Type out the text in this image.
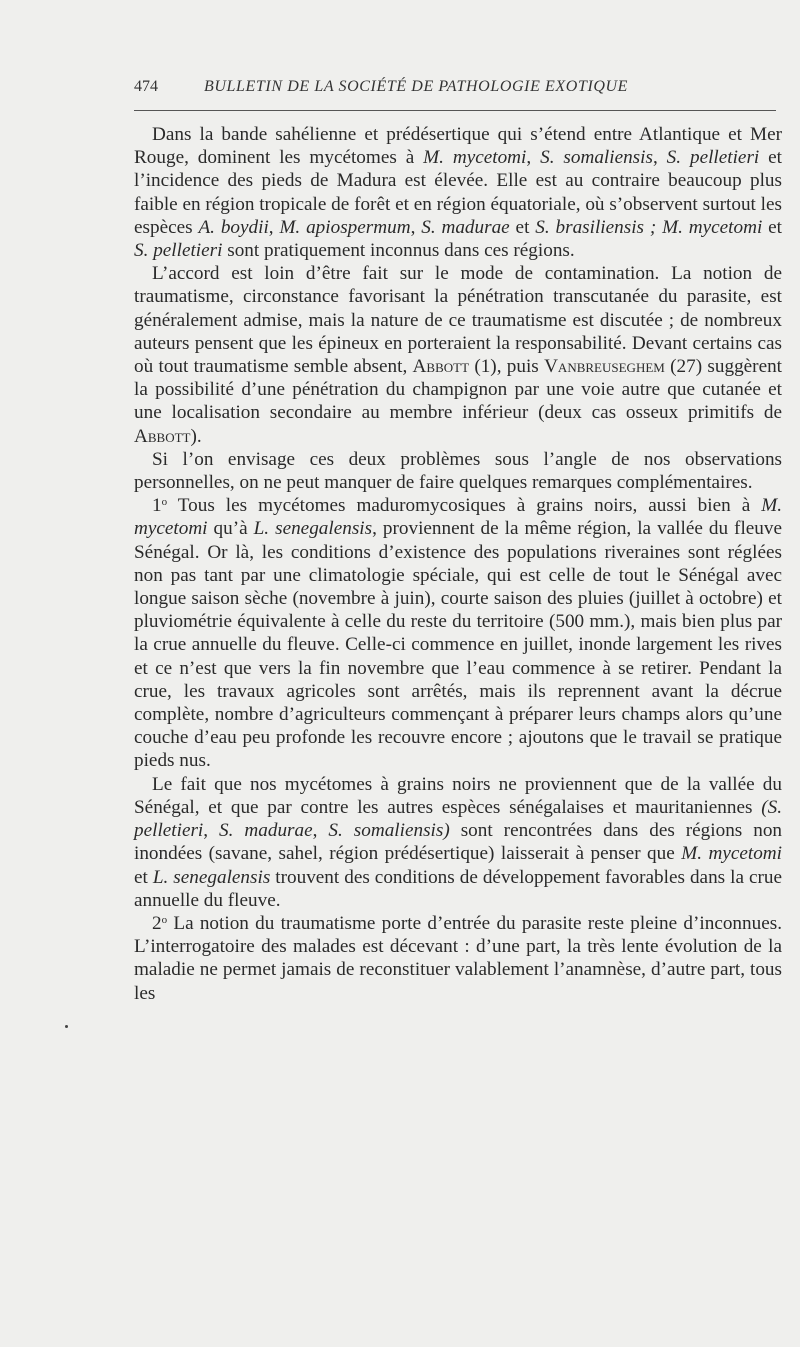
474	BULLETIN DE LA SOCIÉTÉ DE PATHOLOGIE EXOTIQUE

Dans la bande sahélienne et prédésertique qui s’étend entre Atlantique et Mer Rouge, dominent les mycétomes à M. mycetomi, S. somaliensis, S. pelletieri et l’incidence des pieds de Madura est élevée. Elle est au contraire beaucoup plus faible en région tropicale de forêt et en région équatoriale, où s’observent surtout les espèces A. boydii, M. apiospermum, S. madurae et S. brasiliensis ; M. mycetomi et S. pelletieri sont pratiquement inconnus dans ces régions.

L’accord est loin d’être fait sur le mode de contamination. La notion de traumatisme, circonstance favorisant la pénétration transcutanée du parasite, est généralement admise, mais la nature de ce traumatisme est discutée ; de nombreux auteurs pensent que les épineux en porteraient la responsabilité. Devant certains cas où tout traumatisme semble absent, Abbott (1), puis Vanbreuseghem (27) suggèrent la possibilité d’une pénétration du champignon par une voie autre que cutanée et une localisation secondaire au membre inférieur (deux cas osseux primitifs de Abbott).

Si l’on envisage ces deux problèmes sous l’angle de nos observations personnelles, on ne peut manquer de faire quelques remarques complémentaires.

1$^o$ Tous les mycétomes maduromycosiques à grains noirs, aussi bien à M. mycetomi qu’à L. senegalensis, proviennent de la même région, la vallée du fleuve Sénégal. Or là, les conditions d’existence des populations riveraines sont réglées non pas tant par une climatologie spéciale, qui est celle de tout le Sénégal avec longue saison sèche (novembre à juin), courte saison des pluies (juillet à octobre) et pluviométrie équivalente à celle du reste du territoire (500 mm.), mais bien plus par la crue annuelle du fleuve. Celle-ci commence en juillet, inonde largement les rives et ce n’est que vers la fin novembre que l’eau commence à se retirer. Pendant la crue, les travaux agricoles sont arrêtés, mais ils reprennent avant la décrue complète, nombre d’agriculteurs commençant à préparer leurs champs alors qu’une couche d’eau peu profonde les recouvre encore ; ajoutons que le travail se pratique pieds nus.

Le fait que nos mycétomes à grains noirs ne proviennent que de la vallée du Sénégal, et que par contre les autres espèces sénégalaises et mauritaniennes (S. pelletieri, S. madurae, S. somaliensis) sont rencontrées dans des régions non inondées (savane, sahel, région prédésertique) laisserait à penser que M. mycetomi et L. senegalensis trouvent des conditions de développement favorables dans la crue annuelle du fleuve.

2$^o$ La notion du traumatisme porte d’entrée du parasite reste pleine d’inconnues. L’interrogatoire des malades est décevant : d’une part, la très lente évolution de la maladie ne permet jamais de reconstituer valablement l’anamnèse, d’autre part, tous les
